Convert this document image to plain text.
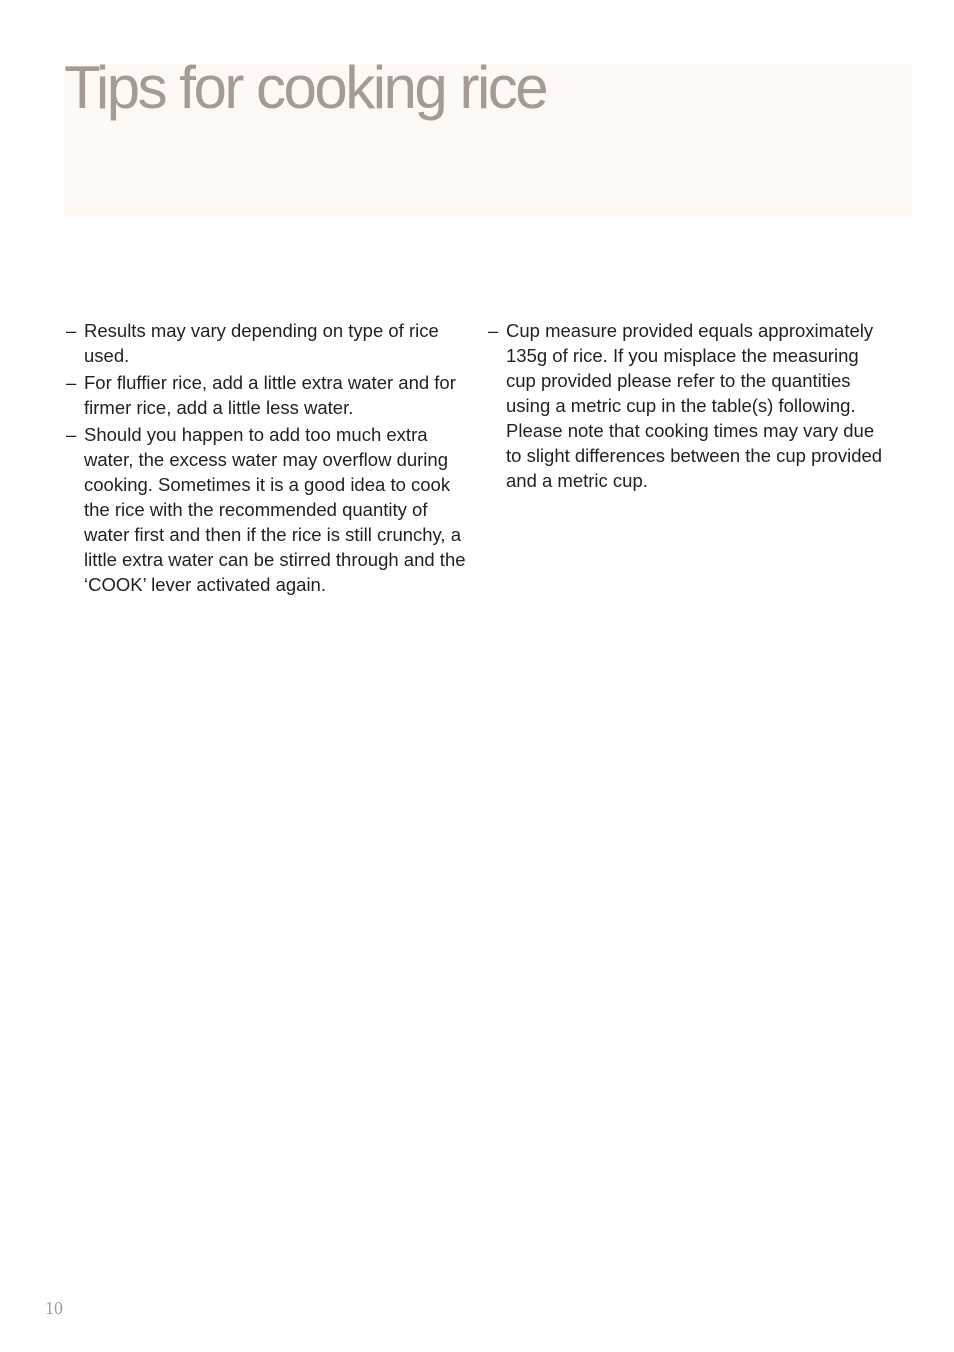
Tips for cooking rice

– Results may vary depending on type of rice used.

– For fluffier rice, add a little extra water and for firmer rice, add a little less water.

– Should you happen to add too much extra water, the excess water may overflow during cooking. Sometimes it is a good idea to cook the rice with the recommended quantity of water first and then if the rice is still crunchy, a little extra water can be stirred through and the ‘COOK’ lever activated again.

– Cup measure provided equals approximately 135g of rice. If you misplace the measuring cup provided please refer to the quantities using a metric cup in the table(s) following. Please note that cooking times may vary due to slight differences between the cup provided and a metric cup.

10
